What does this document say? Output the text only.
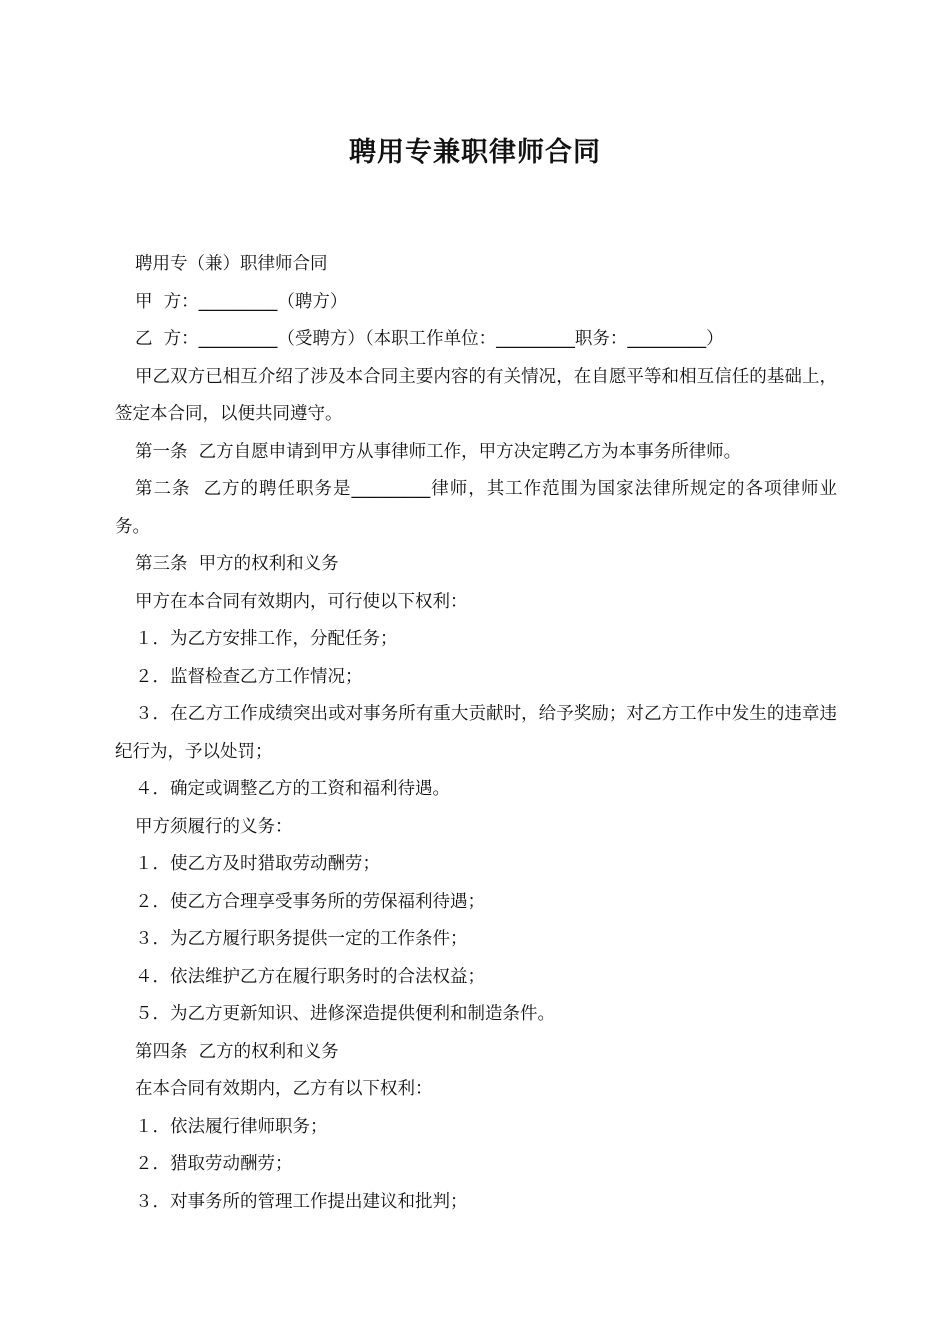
聘用专兼职律师合同

聘用专（兼）职律师合同

甲  方：_________（聘方）

乙  方：_________（受聘方）（本职工作单位：_________职务：_________）

甲乙双方已相互介绍了涉及本合同主要内容的有关情况，在自愿平等和相互信任的基础上，签定本合同，以便共同遵守。

第一条  乙方自愿申请到甲方从事律师工作，甲方决定聘乙方为本事务所律师。

第二条  乙方的聘任职务是_________律师，其工作范围为国家法律所规定的各项律师业务。

第三条  甲方的权利和义务

甲方在本合同有效期内，可行使以下权利：

１．为乙方安排工作，分配任务；

２．监督检查乙方工作情况；

３．在乙方工作成绩突出或对事务所有重大贡献时，给予奖励；对乙方工作中发生的违章违纪行为，予以处罚；

４．确定或调整乙方的工资和福利待遇。

甲方须履行的义务：

１．使乙方及时猎取劳动酬劳；

２．使乙方合理享受事务所的劳保福利待遇；

３．为乙方履行职务提供一定的工作条件；

４．依法维护乙方在履行职务时的合法权益；

５．为乙方更新知识、进修深造提供便利和制造条件。

第四条  乙方的权利和义务

在本合同有效期内，乙方有以下权利：

１．依法履行律师职务；

２．猎取劳动酬劳；

３．对事务所的管理工作提出建议和批判；
